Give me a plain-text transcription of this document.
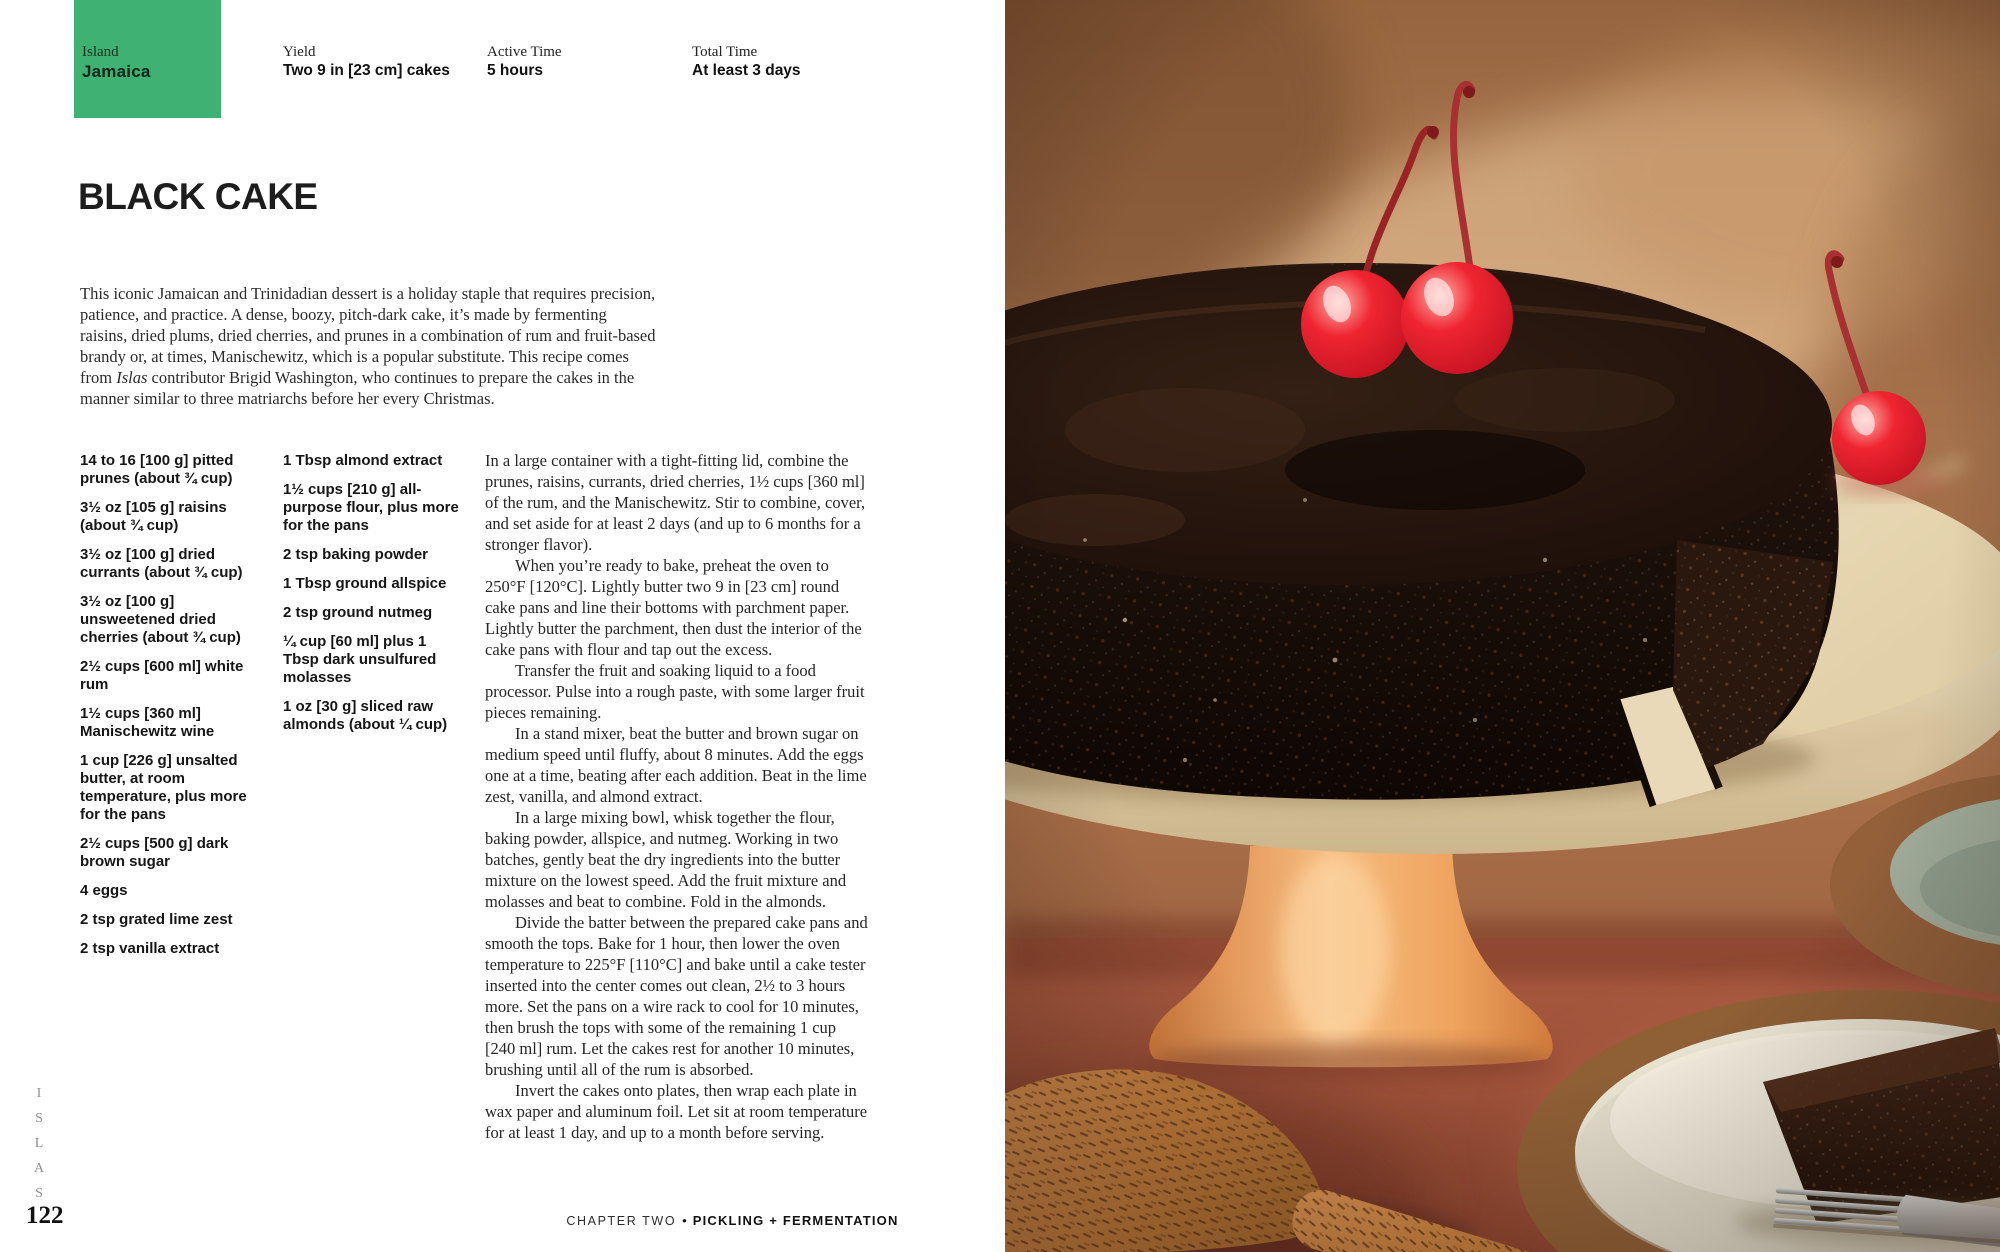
Island
Jamaica
Yield
Two 9 in [23 cm] cakes
Active Time
5 hours
Total Time
At least 3 days
BLACK CAKE

This iconic Jamaican and Trinidadian dessert is a holiday staple that requires precision, patience, and practice. A dense, boozy, pitch-dark cake, it’s made by fermenting raisins, dried plums, dried cherries, and prunes in a combination of rum and fruit-based brandy or, at times, Manischewitz, which is a popular substitute. This recipe comes from Islas contributor Brigid Washington, who continues to prepare the cakes in the manner similar to three matriarchs before her every Christmas.

14 to 16 [100 g] pitted prunes (about ¾ cup)
3½ oz [105 g] raisins (about ¾ cup)
3½ oz [100 g] dried currants (about ¾ cup)
3½ oz [100 g] unsweetened dried cherries (about ¾ cup)
2½ cups [600 ml] white rum
1½ cups [360 ml] Manischewitz wine
1 cup [226 g] unsalted butter, at room temperature, plus more for the pans
2½ cups [500 g] dark brown sugar
4 eggs
2 tsp grated lime zest
2 tsp vanilla extract
1 Tbsp almond extract
1½ cups [210 g] all-purpose flour, plus more for the pans
2 tsp baking powder
1 Tbsp ground allspice
2 tsp ground nutmeg
¼ cup [60 ml] plus 1 Tbsp dark unsulfured molasses
1 oz [30 g] sliced raw almonds (about ¼ cup)

In a large container with a tight-fitting lid, combine the prunes, raisins, currants, dried cherries, 1½ cups [360 ml] of the rum, and the Manischewitz. Stir to combine, cover, and set aside for at least 2 days (and up to 6 months for a stronger flavor).

When you’re ready to bake, preheat the oven to 250°F [120°C]. Lightly butter two 9 in [23 cm] round cake pans and line their bottoms with parchment paper. Lightly butter the parchment, then dust the interior of the cake pans with flour and tap out the excess.

Transfer the fruit and soaking liquid to a food processor. Pulse into a rough paste, with some larger fruit pieces remaining.

In a stand mixer, beat the butter and brown sugar on medium speed until fluffy, about 8 minutes. Add the eggs one at a time, beating after each addition. Beat in the lime zest, vanilla, and almond extract.

In a large mixing bowl, whisk together the flour, baking powder, allspice, and nutmeg. Working in two batches, gently beat the dry ingredients into the butter mixture on the lowest speed. Add the fruit mixture and molasses and beat to combine. Fold in the almonds.

Divide the batter between the prepared cake pans and smooth the tops. Bake for 1 hour, then lower the oven temperature to 225°F [110°C] and bake until a cake tester inserted into the center comes out clean, 2½ to 3 hours more. Set the pans on a wire rack to cool for 10 minutes, then brush the tops with some of the remaining 1 cup [240 ml] rum. Let the cakes rest for another 10 minutes, brushing until all of the rum is absorbed.

Invert the cakes onto plates, then wrap each plate in wax paper and aluminum foil. Let sit at room temperature for at least 1 day, and up to a month before serving.

I
S
L
A
S
122	CHAPTER TWO • PICKLING + FERMENTATION
